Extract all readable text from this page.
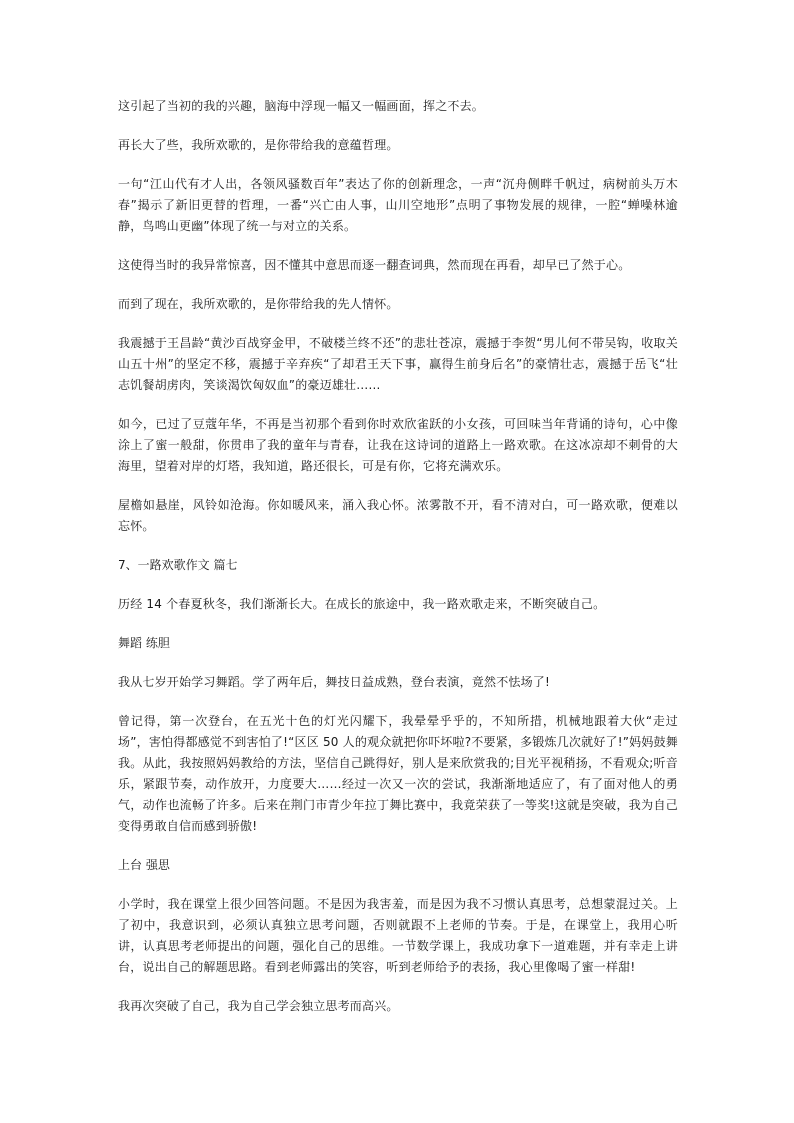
这引起了当初的我的兴趣，脑海中浮现一幅又一幅画面，挥之不去。

再长大了些，我所欢歌的，是你带给我的意蕴哲理。

一句“江山代有才人出，各领风骚数百年”表达了你的创新理念，一声“沉舟侧畔千帆过，病树前头万木春”揭示了新旧更替的哲理，一番“兴亡由人事，山川空地形”点明了事物发展的规律，一腔“蝉噪林逾静，鸟鸣山更幽”体现了统一与对立的关系。

这使得当时的我异常惊喜，因不懂其中意思而逐一翻查词典，然而现在再看，却早已了然于心。

而到了现在，我所欢歌的，是你带给我的先人情怀。

我震撼于王昌龄“黄沙百战穿金甲，不破楼兰终不还”的悲壮苍凉，震撼于李贺“男儿何不带吴钩，收取关山五十州”的坚定不移，震撼于辛弃疾“了却君王天下事，赢得生前身后名”的豪情壮志，震撼于岳飞“壮志饥餐胡虏肉，笑谈渴饮匈奴血”的豪迈雄壮……

如今，已过了豆蔻年华，不再是当初那个看到你时欢欣雀跃的小女孩，可回味当年背诵的诗句，心中像涂上了蜜一般甜，你贯串了我的童年与青春，让我在这诗词的道路上一路欢歌。在这冰凉却不刺骨的大海里，望着对岸的灯塔，我知道，路还很长，可是有你，它将充满欢乐。

屋檐如悬崖，风铃如沧海。你如暖风来，涌入我心怀。浓雾散不开，看不清对白，可一路欢歌，便难以忘怀。

7、一路欢歌作文 篇七

历经 14 个春夏秋冬，我们渐渐长大。在成长的旅途中，我一路欢歌走来，不断突破自己。

舞蹈 练胆

我从七岁开始学习舞蹈。学了两年后，舞技日益成熟，登台表演，竟然不怯场了!

曾记得，第一次登台，在五光十色的灯光闪耀下，我晕晕乎乎的，不知所措，机械地跟着大伙“走过场”，害怕得都感觉不到害怕了!“区区 50 人的观众就把你吓坏啦?不要紧，多锻炼几次就好了!”妈妈鼓舞我。从此，我按照妈妈教给的方法，坚信自己跳得好，别人是来欣赏我的;目光平视稍扬，不看观众;听音乐，紧跟节奏，动作放开，力度要大……经过一次又一次的尝试，我渐渐地适应了，有了面对他人的勇气，动作也流畅了许多。后来在荆门市青少年拉丁舞比赛中，我竟荣获了一等奖!这就是突破，我为自己变得勇敢自信而感到骄傲!

上台 强思

小学时，我在课堂上很少回答问题。不是因为我害羞，而是因为我不习惯认真思考，总想蒙混过关。上了初中，我意识到，必须认真独立思考问题，否则就跟不上老师的节奏。于是，在课堂上，我用心听讲，认真思考老师提出的问题，强化自己的思维。一节数学课上，我成功拿下一道难题，并有幸走上讲台，说出自己的解题思路。看到老师露出的笑容，听到老师给予的表扬，我心里像喝了蜜一样甜!

我再次突破了自己，我为自己学会独立思考而高兴。
